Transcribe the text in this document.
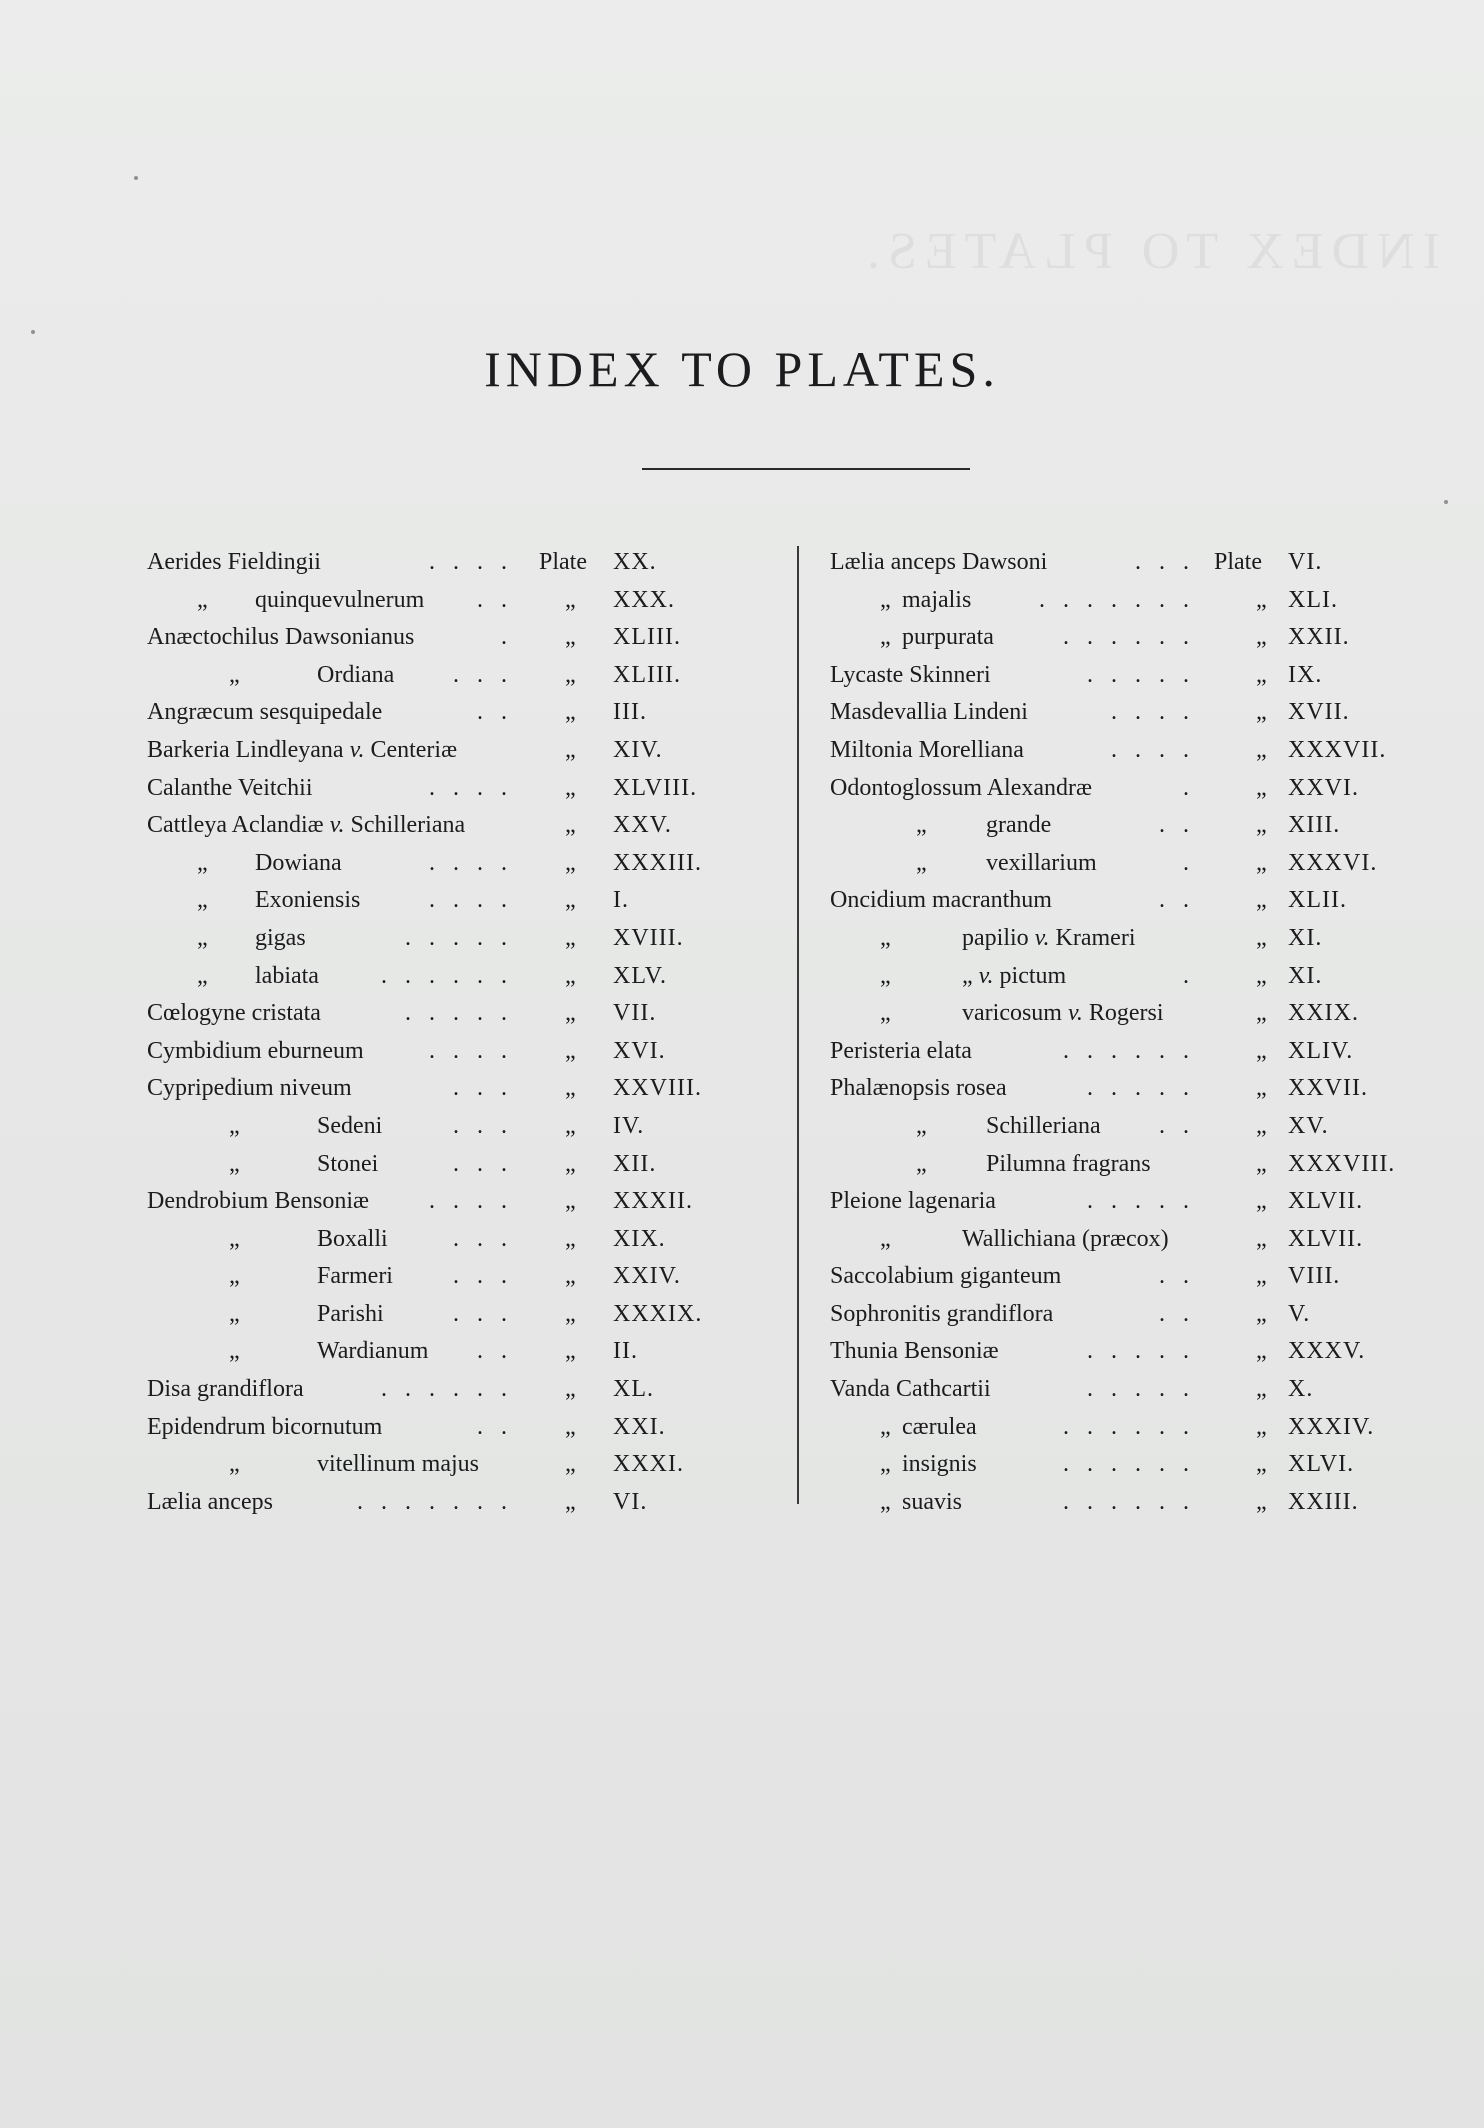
INDEX TO PLATES.
INDEX TO PLATES.
Aerides Fieldingii	. . . . Plate XX.
„ quinquevulnerum . . „ XXX.
Anæctochilus Dawsonianus	. „ XLIII.
„	Ordiana . . . „ XLIII.
Angræcum sesquipedale	. . „ III.
Barkeria Lindleyana v. Centeriæ	„ XIV.
Calanthe Veitchii	. . . . „ XLVIII.
Cattleya Aclandiæ v. Schilleriana	„ XXV.
„ Dowiana	. . . . „ XXXIII.
„ Exoniensis	. . . . „ I.
„ gigas	. . . . . „ XVIII.
„ labiata	. . . . . . „ XLV.
Cœlogyne cristata	. . . . . „ VII.
Cymbidium eburneum	. . . . „ XVI.
Cypripedium niveum	. . . „ XXVIII.
„	Sedeni	. . . „ IV.
„	Stonei	. . . „ XII.
Dendrobium Bensoniæ	. . . . „ XXXII.
„	Boxalli	. . . „ XIX.
„	Farmeri	. . . „ XXIV.
„	Parishi	. . . „ XXXIX.
„	Wardianum . . „ II.
Disa grandiflora	. . . . . . „ XL.
Epidendrum bicornutum	. . „ XXI.
„	vitellinum majus	„ XXXI.
Lælia anceps	. . . . . . . „ VI.
Lælia anceps Dawsoni	. . . Plate VI.
„ majalis	. . . . . . .	„ XLI.
„ purpurata	. . . . . .	„ XXII.
Lycaste Skinneri	. . . . .	„ IX.
Masdevallia Lindeni	. . . .	„ XVII.
Miltonia Morelliana	. . . .	„ XXXVII.
Odontoglossum Alexandræ	.	„ XXVI.
„ grande	. .	„ XIII.
„ vexillarium	.	„ XXXVI.
Oncidium macranthum	. .	„ XLII.
„	papilio v. Krameri	„ XI.
„	„ v. pictum	.	„ XI.
„	varicosum v. Rogersi	„ XXIX.
Peristeria elata	. . . . . .	„ XLIV.
Phalænopsis rosea	. . . . .	„ XXVII.
„ Schilleriana . .	„ XV.
„ Pilumna fragrans	„ XXXVIII.
Pleione lagenaria	. . . . .	„ XLVII.
„	Wallichiana (præcox)	„ XLVII.
Saccolabium giganteum	. .	„ VIII.
Sophronitis grandiflora	. .	„ V.
Thunia Bensoniæ	. . . . .	„ XXXV.
Vanda Cathcartii	. . . . .	„ X.
„ cærulea	. . . . . .	„ XXXIV.
„ insignis	. . . . . .	„ XLVI.
„ suavis	. . . . . .	„ XXIII.
